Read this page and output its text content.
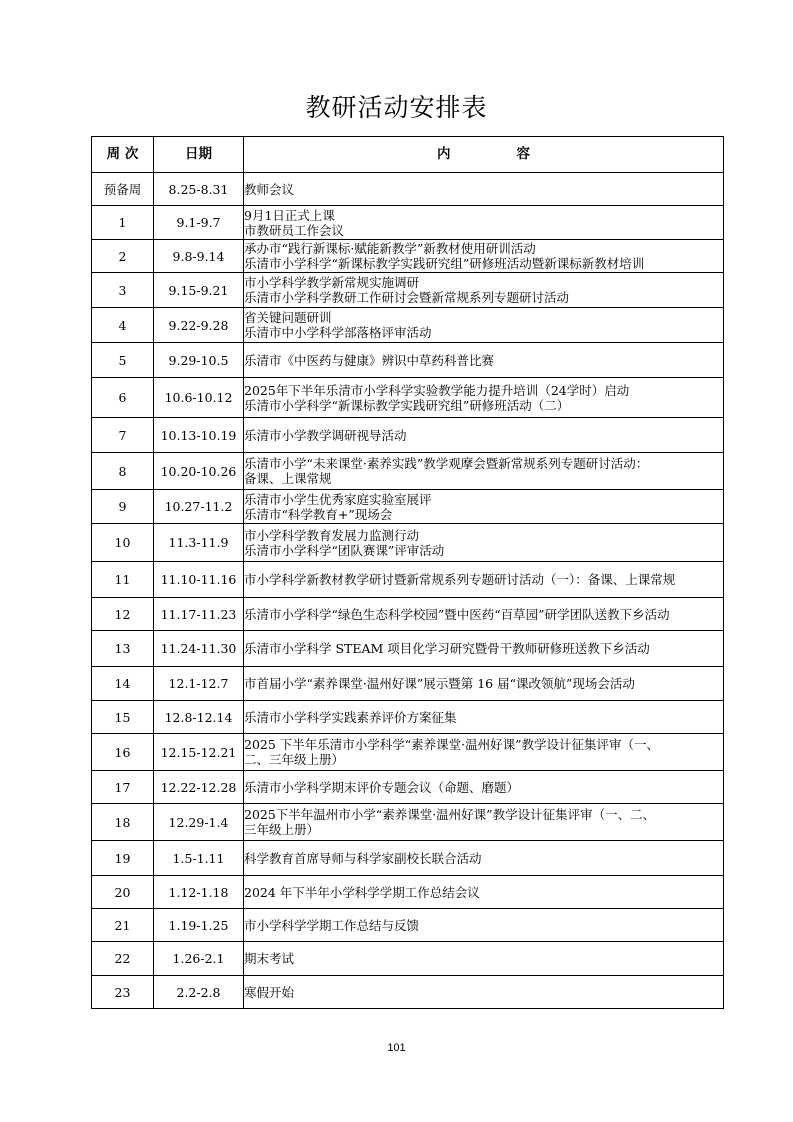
教研活动安排表
周 次	日期	内 容
预备周	8.25-8.31	教师会议

1	9.1-9.7	9月1日正式上课
市教研员工作会议

2	9.8-9.14	承办市“践行新课标·赋能新教学”新教材使用研训活动
乐清市小学科学“新课标教学实践研究组”研修班活动暨新课标新教材培训

3	9.15-9.21	市小学科学教学新常规实施调研
乐清市小学科学教研工作研讨会暨新常规系列专题研讨活动

4	9.22-9.28	省关键问题研训
乐清市中小学科学部落格评审活动

5	9.29-10.5	乐清市《中医药与健康》辨识中草药科普比赛

6	10.6-10.12	2025年下半年乐清市小学科学实验教学能力提升培训（24学时）启动
乐清市小学科学“新课标教学实践研究组”研修班活动（二）

7	10.13-10.19	乐清市小学教学调研视导活动

8	10.20-10.26	乐清市小学“未来课堂·素养实践”教学观摩会暨新常规系列专题研讨活动：
备课、上课常规

9	10.27-11.2	乐清市小学生优秀家庭实验室展评
乐清市“科学教育+”现场会

10	11.3-11.9	市小学科学教育发展力监测行动
乐清市小学科学“团队赛课”评审活动

11	11.10-11.16	市小学科学新教材教学研讨暨新常规系列专题研讨活动（一）：备课、上课常规

12	11.17-11.23	乐清市小学科学“绿色生态科学校园”暨中医药“百草园”研学团队送教下乡活动

13	11.24-11.30	乐清市小学科学 STEAM 项目化学习研究暨骨干教师研修班送教下乡活动

14	12.1-12.7	市首届小学“素养课堂·温州好课”展示暨第 16 届“课改领航”现场会活动

15	12.8-12.14	乐清市小学科学实践素养评价方案征集

16	12.15-12.21	2025 下半年乐清市小学科学“素养课堂·温州好课”教学设计征集评审（一、
二、三年级上册）

17	12.22-12.28	乐清市小学科学期末评价专题会议（命题、磨题）

18	12.29-1.4	2025下半年温州市小学“素养课堂·温州好课”教学设计征集评审（一、二、
三年级上册）

19	1.5-1.11	科学教育首席导师与科学家副校长联合活动

20	1.12-1.18	2024 年下半年小学科学学期工作总结会议

21	1.19-1.25	市小学科学学期工作总结与反馈

22	1.26-2.1	期末考试

23	2.2-2.8	寒假开始
101
